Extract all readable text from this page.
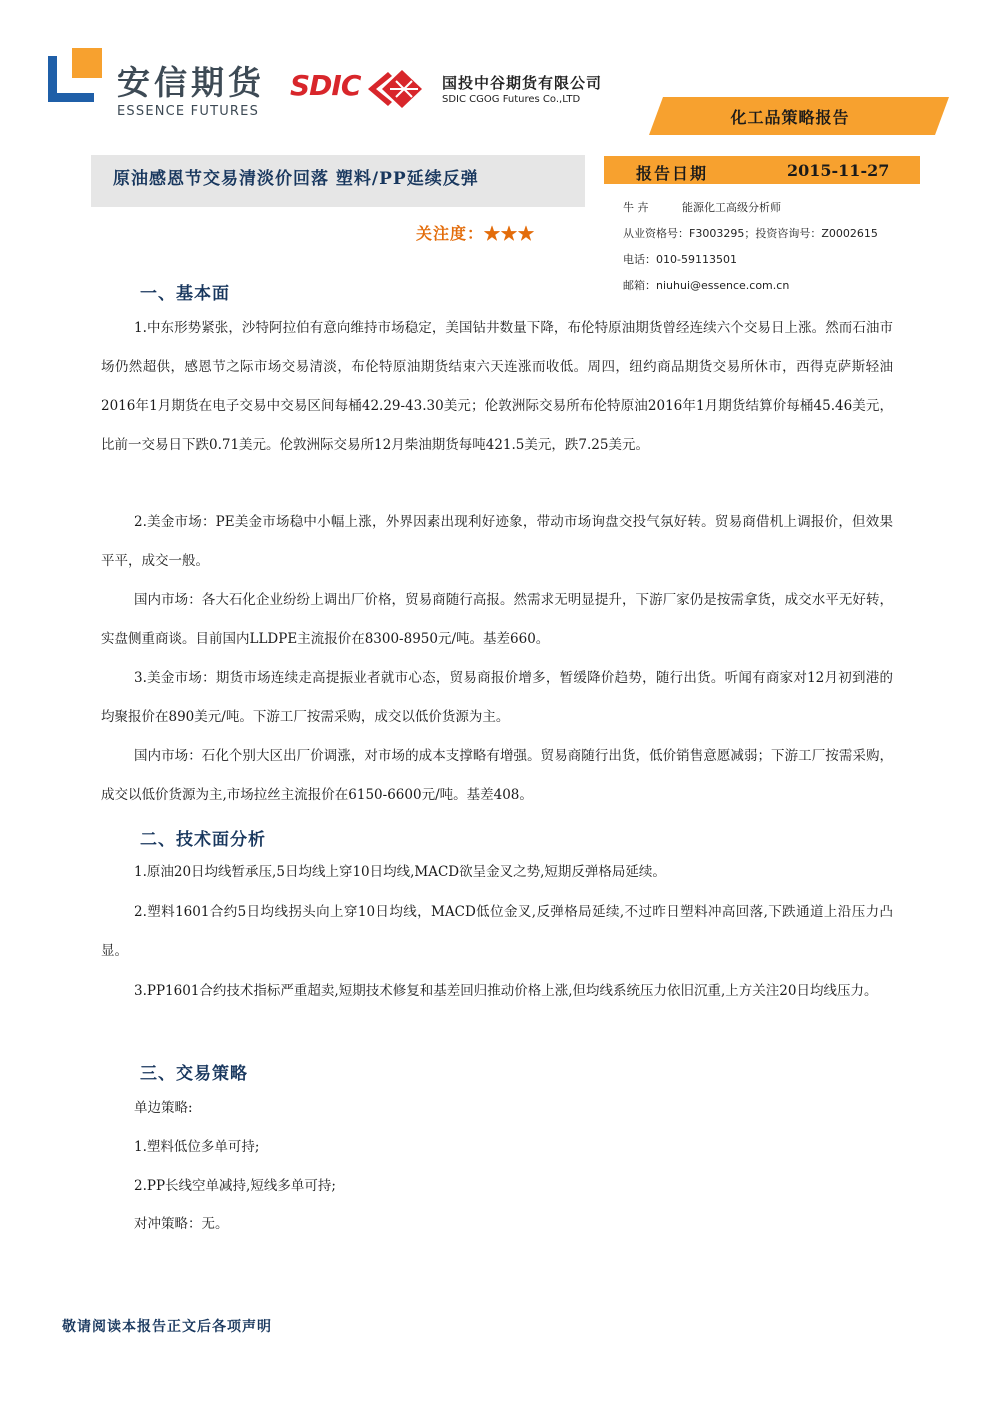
安信期货
ESSENCE FUTURES
SDIC	国投中谷期货有限公司
SDIC CGOG Futures Co.,LTD
化工品策略报告
原油感恩节交易清淡价回落 塑料/PP延续反弹
关注度：★★★
报告日期	2015-11-27
牛 卉	能源化工高级分析师
从业资格号：F3003295；投资咨询号：Z0002615
电话：010-59113501
邮箱：niuhui@essence.com.cn
一、基本面
1.中东形势紧张，沙特阿拉伯有意向维持市场稳定，美国钻井数量下降，布伦特原油期货曾经连续六个交易日上涨。然而石油市场仍然超供，感恩节之际市场交易清淡，布伦特原油期货结束六天连涨而收低。周四，纽约商品期货交易所休市，西得克萨斯轻油2016年1月期货在电子交易中交易区间每桶42.29-43.30美元；伦敦洲际交易所布伦特原油2016年1月期货结算价每桶45.46美元，比前一交易日下跌0.71美元。伦敦洲际交易所12月柴油期货每吨421.5美元，跌7.25美元。
2.美金市场：PE美金市场稳中小幅上涨，外界因素出现利好迹象，带动市场询盘交投气氛好转。贸易商借机上调报价，但效果平平，成交一般。
国内市场：各大石化企业纷纷上调出厂价格，贸易商随行高报。然需求无明显提升，下游厂家仍是按需拿货，成交水平无好转，实盘侧重商谈。目前国内LLDPE主流报价在8300-8950元/吨。基差660。
3.美金市场：期货市场连续走高提振业者就市心态，贸易商报价增多，暂缓降价趋势，随行出货。听闻有商家对12月初到港的均聚报价在890美元/吨。下游工厂按需采购，成交以低价货源为主。
国内市场：石化个别大区出厂价调涨，对市场的成本支撑略有增强。贸易商随行出货，低价销售意愿减弱；下游工厂按需采购，成交以低价货源为主,市场拉丝主流报价在6150-6600元/吨。基差408。
二、技术面分析
1.原油20日均线暂承压,5日均线上穿10日均线,MACD欲呈金叉之势,短期反弹格局延续。
2.塑料1601合约5日均线拐头向上穿10日均线，MACD低位金叉,反弹格局延续,不过昨日塑料冲高回落,下跌通道上沿压力凸显。
3.PP1601合约技术指标严重超卖,短期技术修复和基差回归推动价格上涨,但均线系统压力依旧沉重,上方关注20日均线压力。
三、交易策略
单边策略:
1.塑料低位多单可持;
2.PP长线空单减持,短线多单可持;
对冲策略：无。
敬请阅读本报告正文后各项声明
